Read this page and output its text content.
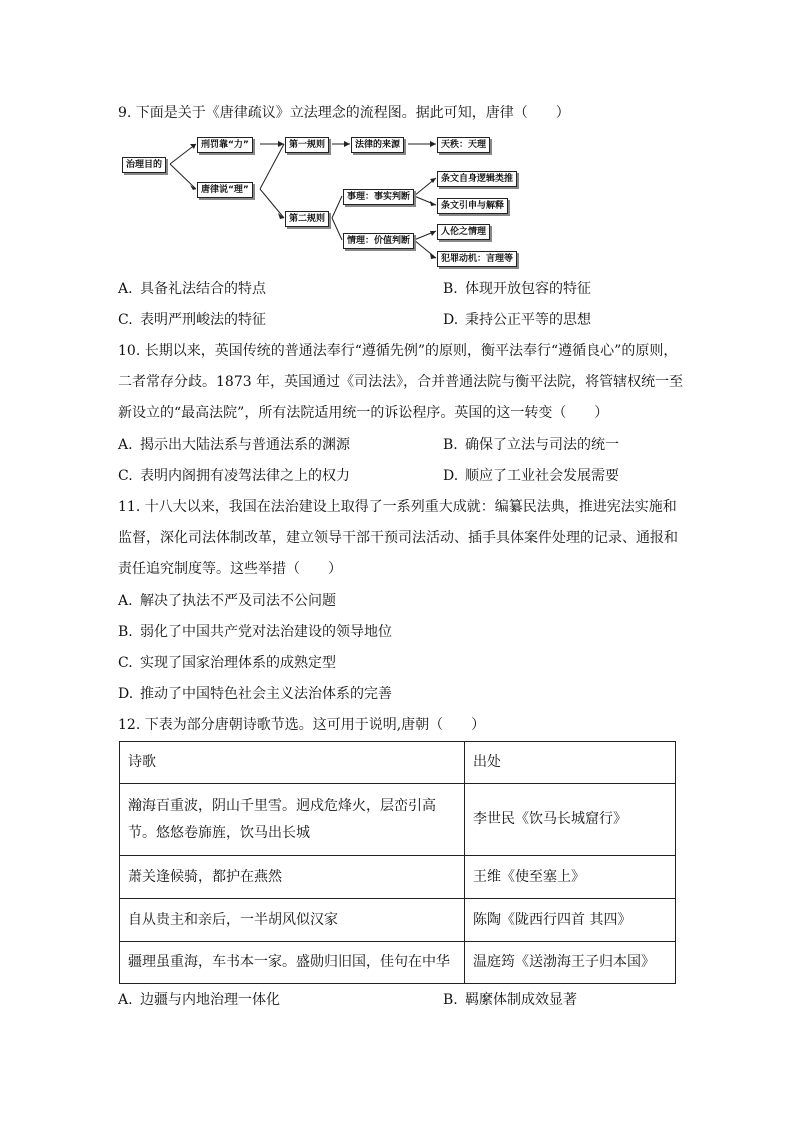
9. 下面是关于《唐律疏议》立法理念的流程图。据此可知，唐律（　　）
治理目的
刑罚靠“力”
唐律说“理”
第一规则
第二规则
法律的来源
事理：事实判断
情理：价值判断
天秩：天理
条文自身逻辑类推
条文引申与解释
人伦之情理
犯罪动机：言理等
A. 具备礼法结合的特点	B. 体现开放包容的特征
C. 表明严刑峻法的特征	D. 秉持公正平等的思想
10. 长期以来，英国传统的普通法奉行“遵循先例”的原则，衡平法奉行“遵循良心”的原则，
二者常存分歧。1873 年，英国通过《司法法》，合并普通法院与衡平法院，将管辖权统一至
新设立的“最高法院”，所有法院适用统一的诉讼程序。英国的这一转变（　　）
A. 揭示出大陆法系与普通法系的渊源	B. 确保了立法与司法的统一
C. 表明内阁拥有凌驾法律之上的权力	D. 顺应了工业社会发展需要
11. 十八大以来，我国在法治建设上取得了一系列重大成就：编纂民法典，推进宪法实施和
监督，深化司法体制改革，建立领导干部干预司法活动、插手具体案件处理的记录、通报和
责任追究制度等。这些举措（　　）
A. 解决了执法不严及司法不公问题
B. 弱化了中国共产党对法治建设的领导地位
C. 实现了国家治理体系的成熟定型
D. 推动了中国特色社会主义法治体系的完善
12. 下表为部分唐朝诗歌节选。这可用于说明,唐朝（　　）
诗歌	出处

瀚海百重波，阴山千里雪。迥戍危烽火，层峦引高
节。悠悠卷旆旌，饮马出长城	李世民《饮马长城窟行》
萧关逢候骑，都护在燕然	王维《使至塞上》
自从贵主和亲后，一半胡风似汉家	陈陶《陇西行四首 其四》
疆理虽重海，车书本一家。盛勋归旧国，佳句在中华	温庭筠《送渤海王子归本国》
A. 边疆与内地治理一体化	B. 羁縻体制成效显著
